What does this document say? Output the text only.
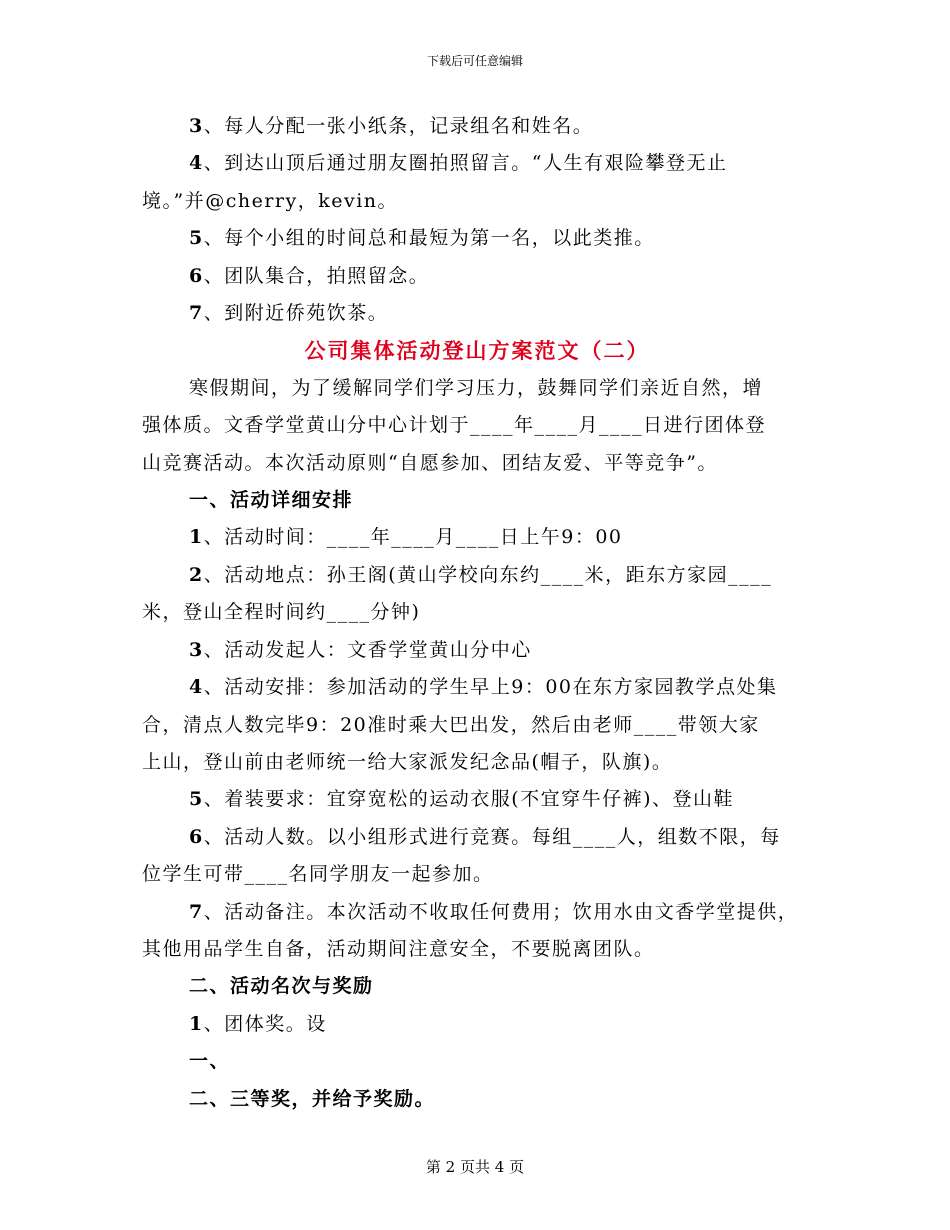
下载后可任意编辑

3、每人分配一张小纸条，记录组名和姓名。

4、到达山顶后通过朋友圈拍照留言。“人生有艰险攀登无止

境。”并@cherry，kevin。

5、每个小组的时间总和最短为第一名，以此类推。

6、团队集合，拍照留念。

7、到附近侨苑饮茶。

公司集体活动登山方案范文（二）

寒假期间，为了缓解同学们学习压力，鼓舞同学们亲近自然，增

强体质。文香学堂黄山分中心计划于____年____月____日进行团体登

山竞赛活动。本次活动原则“自愿参加、团结友爱、平等竞争”。

一、活动详细安排

1、活动时间：____年____月____日上午9：00

2、活动地点：孙王阁(黄山学校向东约____米，距东方家园____

米，登山全程时间约____分钟)

3、活动发起人：文香学堂黄山分中心

4、活动安排：参加活动的学生早上9：00在东方家园教学点处集

合，清点人数完毕9：20准时乘大巴出发，然后由老师____带领大家

上山，登山前由老师统一给大家派发纪念品(帽子，队旗)。

5、着装要求：宜穿宽松的运动衣服(不宜穿牛仔裤)、登山鞋

6、活动人数。以小组形式进行竞赛。每组____人，组数不限，每

位学生可带____名同学朋友一起参加。

7、活动备注。本次活动不收取任何费用；饮用水由文香学堂提供，

其他用品学生自备，活动期间注意安全，不要脱离团队。

二、活动名次与奖励

1、团体奖。设

一、

二、三等奖，并给予奖励。

第 2 页共 4 页
